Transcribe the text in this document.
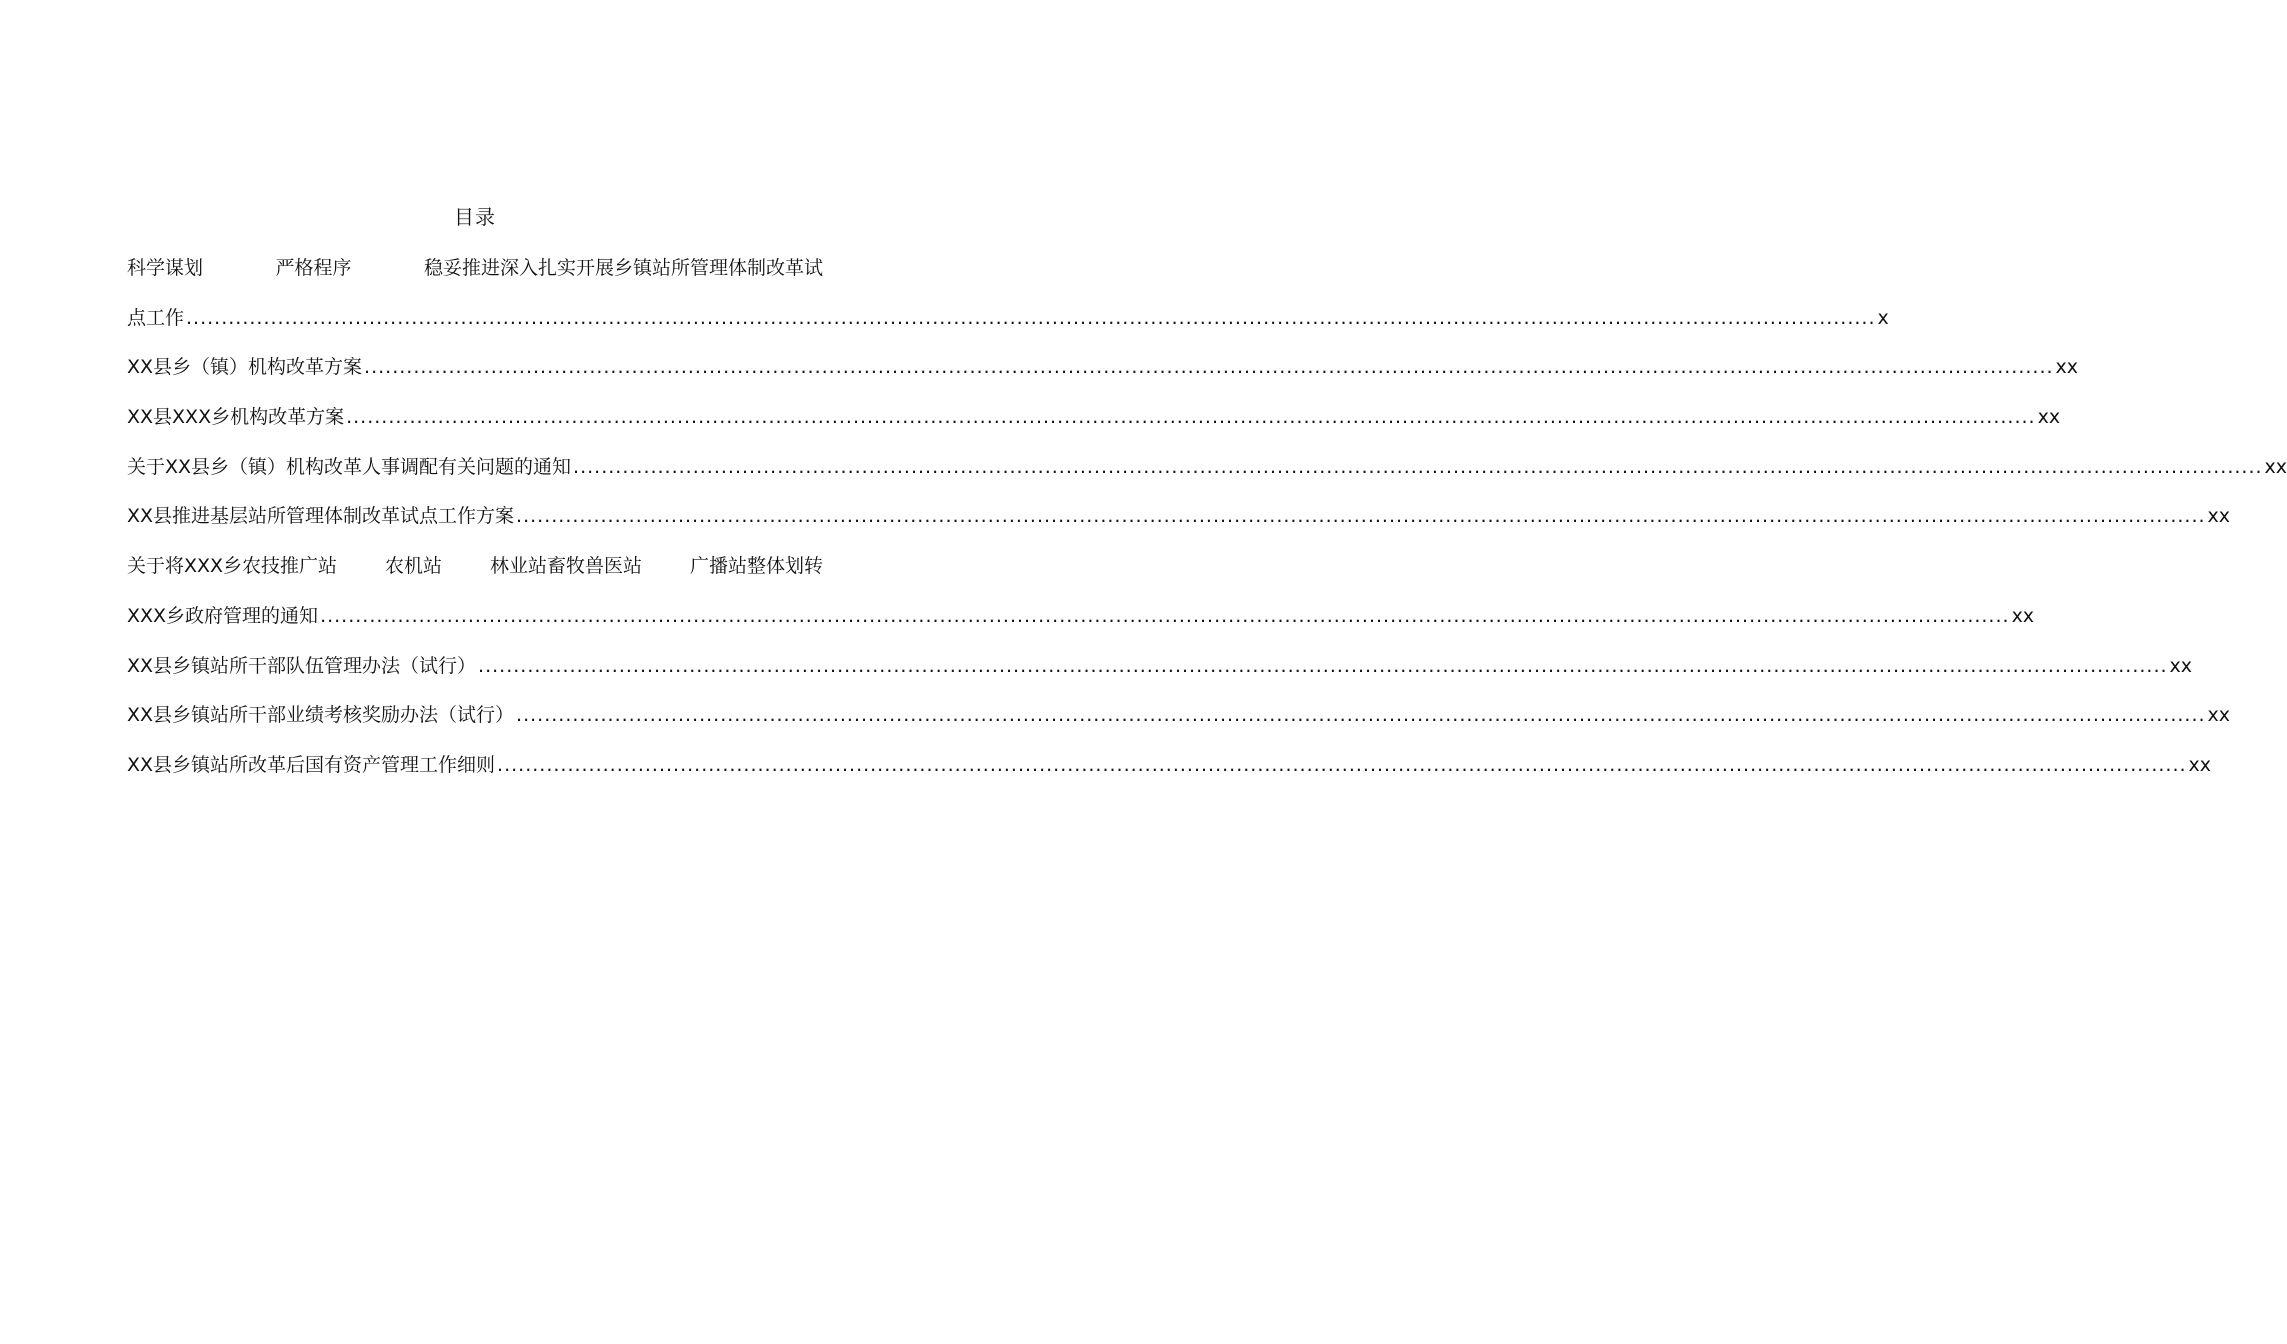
目录
科学谋划	严格程序	稳妥推进深入扎实开展乡镇站所管理体制改革试
点工作 ................................................................................................................................................................................................................................................ x
XX县乡（镇）机构改革方案 ................................................................................................................................................................................................................................................ xx
XX县XXX乡机构改革方案 ................................................................................................................................................................................................................................................ xx
关于XX县乡（镇）机构改革人事调配有关问题的通知 ................................................................................................................................................................................................................................................ xx
XX县推进基层站所管理体制改革试点工作方案 ................................................................................................................................................................................................................................................ xx
关于将XXX乡农技推广站	农机站	林业站畜牧兽医站	广播站整体划转
XXX乡政府管理的通知 ................................................................................................................................................................................................................................................ xx
XX县乡镇站所干部队伍管理办法（试行） ................................................................................................................................................................................................................................................ xx
XX县乡镇站所干部业绩考核奖励办法（试行） ................................................................................................................................................................................................................................................ xx
XX县乡镇站所改革后国有资产管理工作细则 ................................................................................................................................................................................................................................................ xx
